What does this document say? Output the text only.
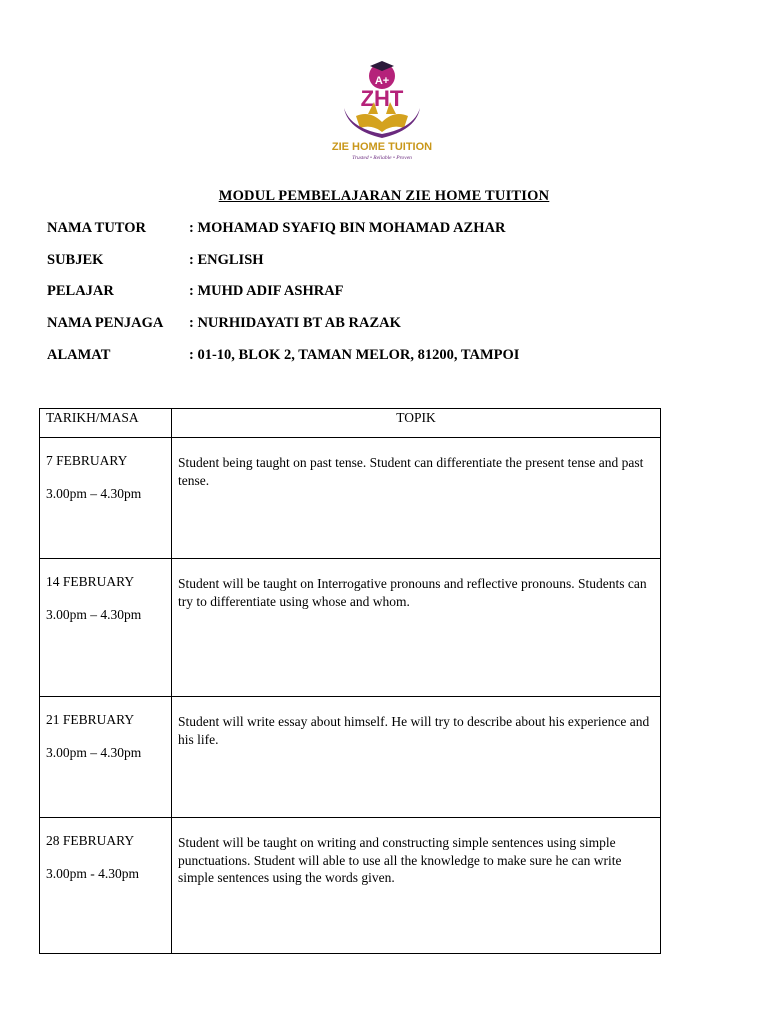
A+
ZHT
ZIE HOME TUITION
Trusted • Reliable • Proven
MODUL PEMBELAJARAN ZIE HOME TUITION
NAMA TUTOR	: MOHAMAD SYAFIQ BIN MOHAMAD AZHAR
SUBJEK	: ENGLISH
PELAJAR	: MUHD ADIF ASHRAF
NAMA PENJAGA	: NURHIDAYATI BT AB RAZAK
ALAMAT	: 01-10, BLOK 2, TAMAN MELOR, 81200, TAMPOI
TARIKH/MASA	TOPIK

7 FEBRUARY
3.00pm – 4.30pm	Student being taught on past tense. Student can differentiate the present tense and past tense.

14 FEBRUARY
3.00pm – 4.30pm	Student will be taught on Interrogative pronouns and reflective pronouns. Students can try to differentiate using whose and whom.

21 FEBRUARY
3.00pm – 4.30pm	Student will write essay about himself. He will try to describe about his experience and his life.

28 FEBRUARY
3.00pm - 4.30pm	Student will be taught on writing and constructing simple sentences using simple punctuations. Student will able to use all the knowledge to make sure he can write simple sentences using the words given.
